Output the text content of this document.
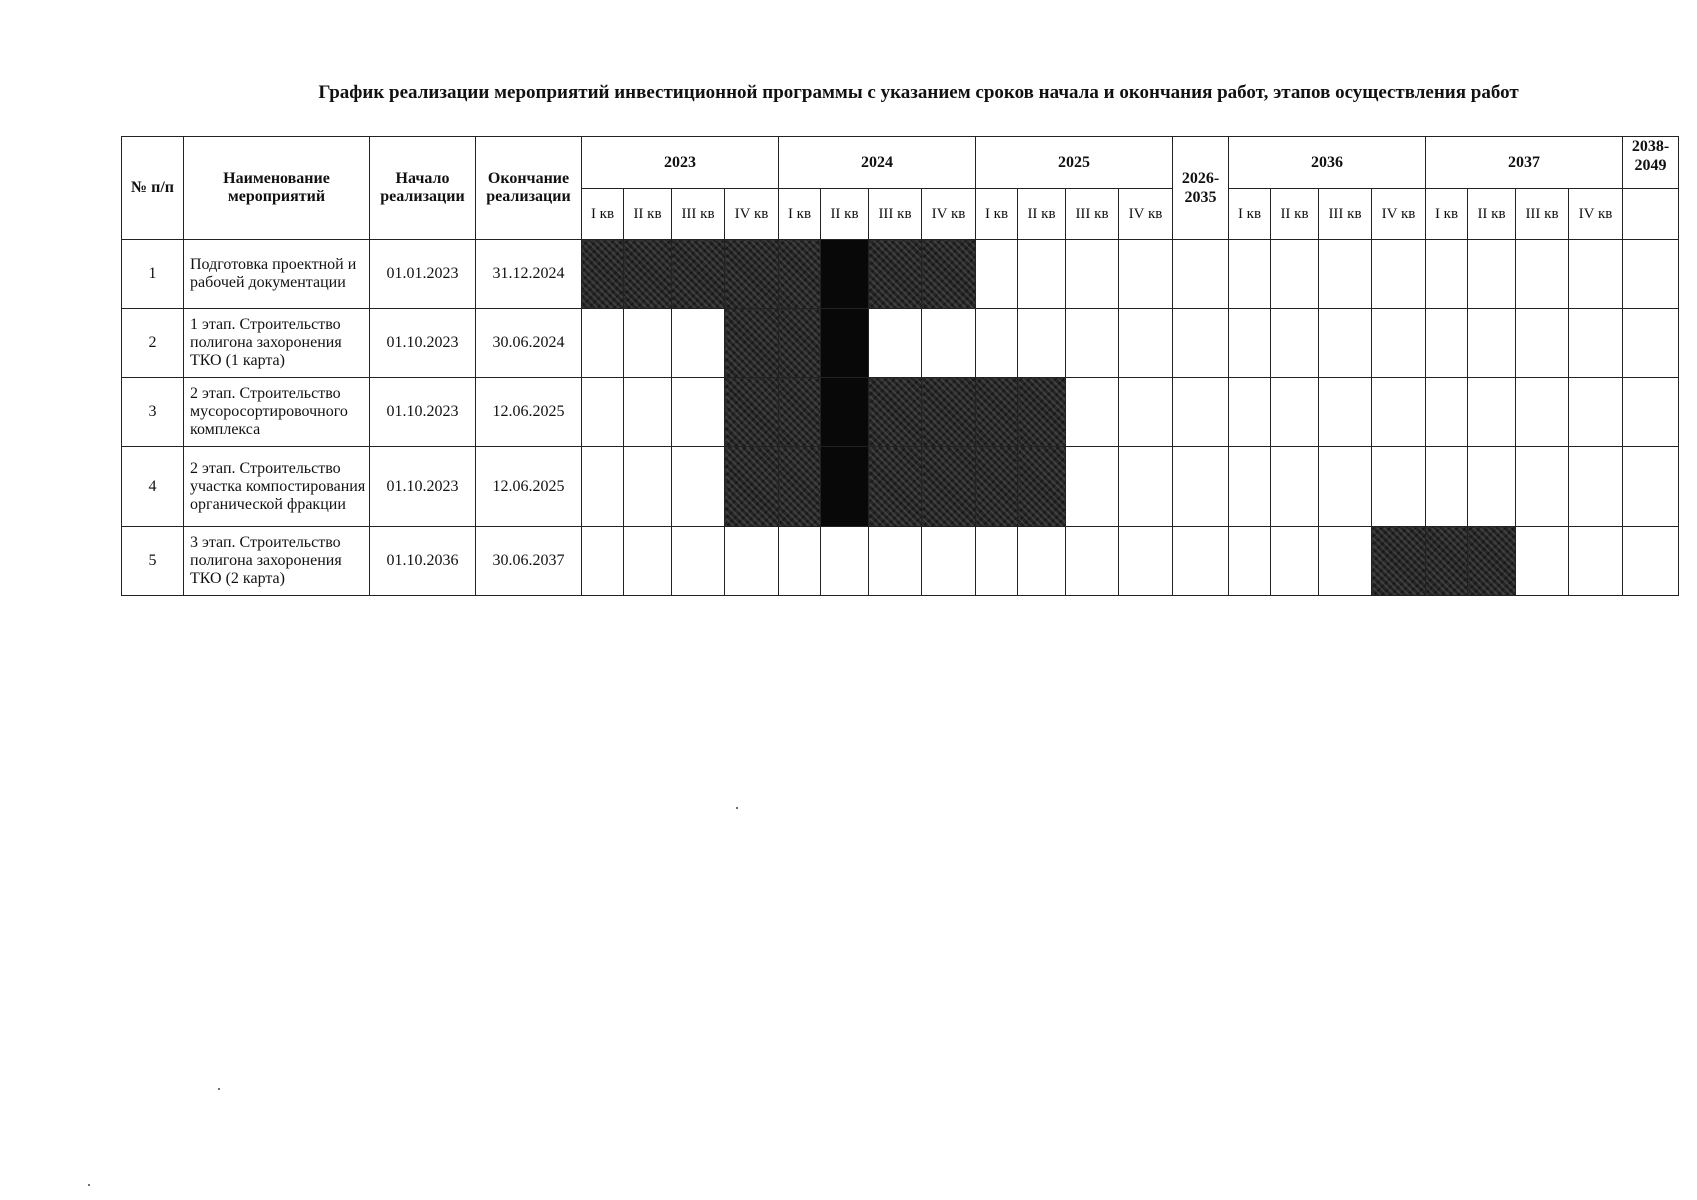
График реализации мероприятий инвестиционной программы с указанием сроков начала и окончания работ, этапов осуществления работ
№ п/п	Наименование мероприятий	Начало реализации	Окончание реализации	2023				2024				2025				2026-2035	2036				2037				2038-2049
				I кв	II кв	III кв	IV кв	I кв	II кв	III кв	IV кв	I кв	II кв	III кв	IV кв		I кв	II кв	III кв	IV кв	I кв	II кв	III кв	IV кв	
1	Подготовка проектной и рабочей документации	01.01.2023	31.12.2024																						
2	1 этап. Строительство полигона захоронения ТКО (1 карта)	01.10.2023	30.06.2024																						
3	2 этап. Строительство мусоросортировочного комплекса	01.10.2023	12.06.2025																						
4	2 этап. Строительство участка компостирования органической фракции	01.10.2023	12.06.2025																						
5	3 этап. Строительство полигона захоронения ТКО (2 карта)	01.10.2036	30.06.2037																						
